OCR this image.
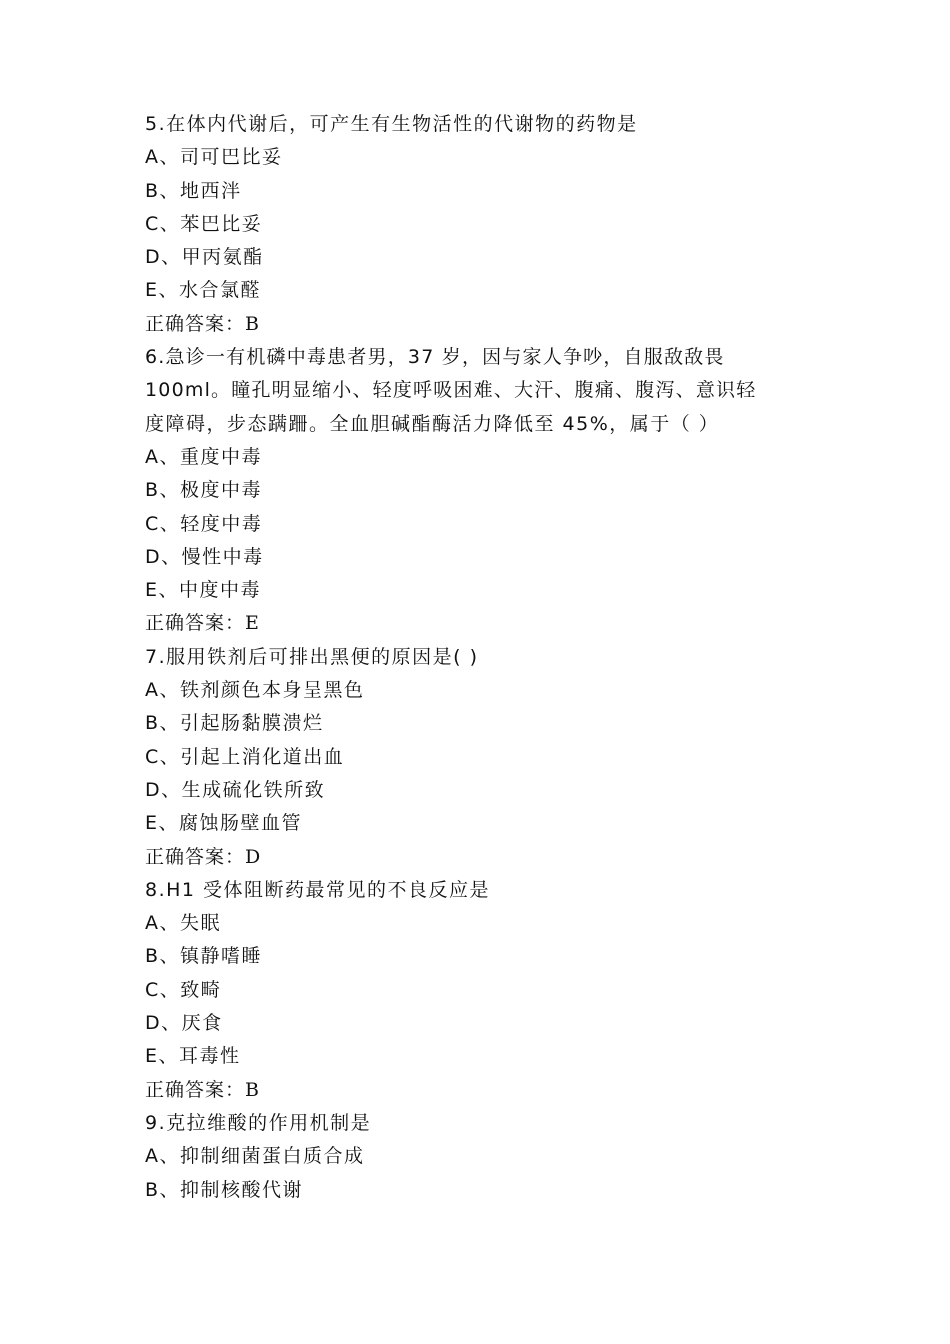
5.在体内代谢后，可产生有生物活性的代谢物的药物是
A、司可巴比妥
B、地西泮
C、苯巴比妥
D、甲丙氨酯
E、水合氯醛
正确答案：B
6.急诊一有机磷中毒患者男，37 岁，因与家人争吵，自服敌敌畏
100ml。瞳孔明显缩小、轻度呼吸困难、大汗、腹痛、腹泻、意识轻
度障碍，步态蹒跚。全血胆碱酯酶活力降低至 45%，属于（ ）
A、重度中毒
B、极度中毒
C、轻度中毒
D、慢性中毒
E、中度中毒
正确答案：E
7.服用铁剂后可排出黑便的原因是( )
A、铁剂颜色本身呈黑色
B、引起肠黏膜溃烂
C、引起上消化道出血
D、生成硫化铁所致
E、腐蚀肠壁血管
正确答案：D
8.H1 受体阻断药最常见的不良反应是
A、失眠
B、镇静嗜睡
C、致畸
D、厌食
E、耳毒性
正确答案：B
9.克拉维酸的作用机制是
A、抑制细菌蛋白质合成
B、抑制核酸代谢
